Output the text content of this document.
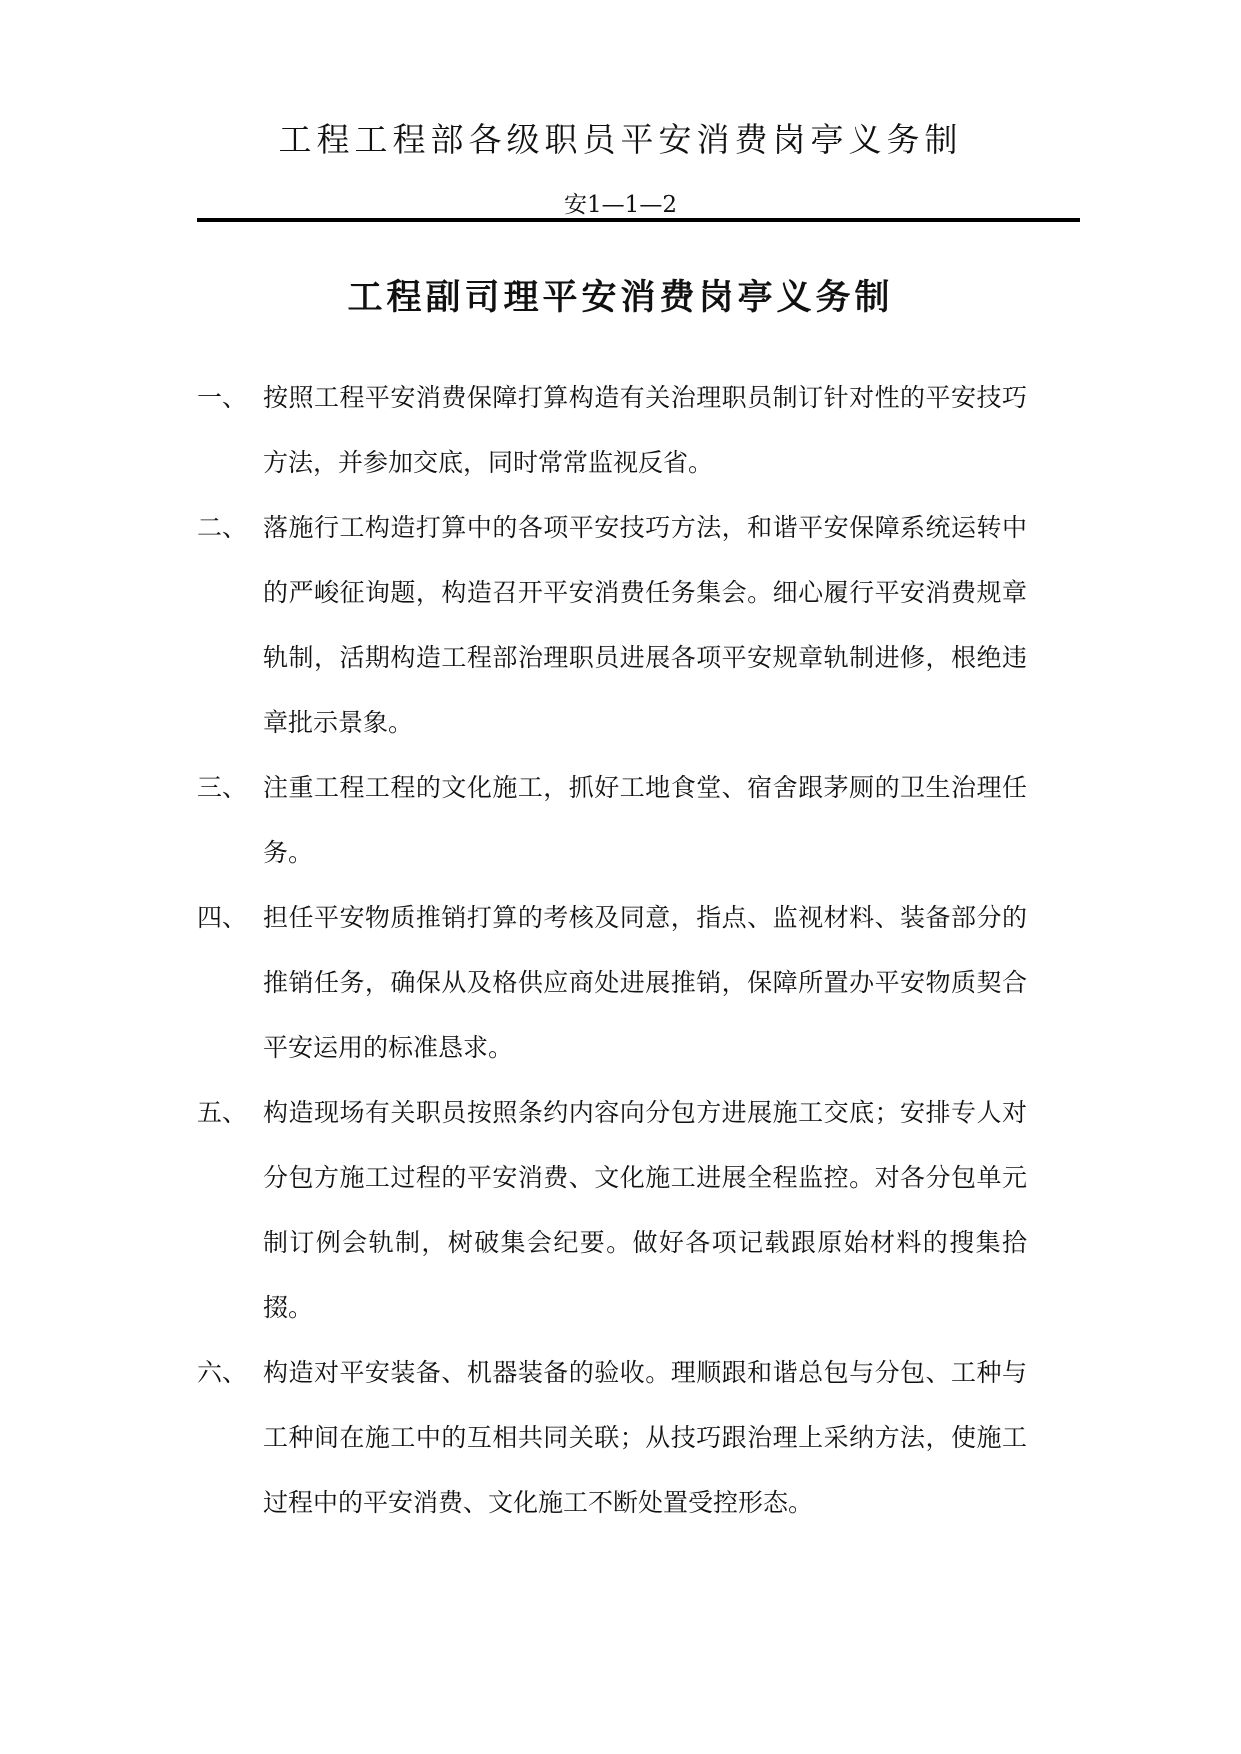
工程工程部各级职员平安消费岗亭义务制
安1—1—2
工程副司理平安消费岗亭义务制
一、 按照工程平安消费保障打算构造有关治理职员制订针对性的平安技巧方法，并参加交底，同时常常监视反省。
二、 落施行工构造打算中的各项平安技巧方法，和谐平安保障系统运转中的严峻征询题，构造召开平安消费任务集会。细心履行平安消费规章轨制，活期构造工程部治理职员进展各项平安规章轨制进修，根绝违章批示景象。
三、 注重工程工程的文化施工，抓好工地食堂、宿舍跟茅厕的卫生治理任务。
四、 担任平安物质推销打算的考核及同意，指点、监视材料、装备部分的推销任务，确保从及格供应商处进展推销，保障所置办平安物质契合平安运用的标准恳求。
五、 构造现场有关职员按照条约内容向分包方进展施工交底；安排专人对分包方施工过程的平安消费、文化施工进展全程监控。对各分包单元制订例会轨制，树破集会纪要。做好各项记载跟原始材料的搜集拾掇。
六、 构造对平安装备、机器装备的验收。理顺跟和谐总包与分包、工种与工种间在施工中的互相共同关联；从技巧跟治理上采纳方法，使施工过程中的平安消费、文化施工不断处置受控形态。
